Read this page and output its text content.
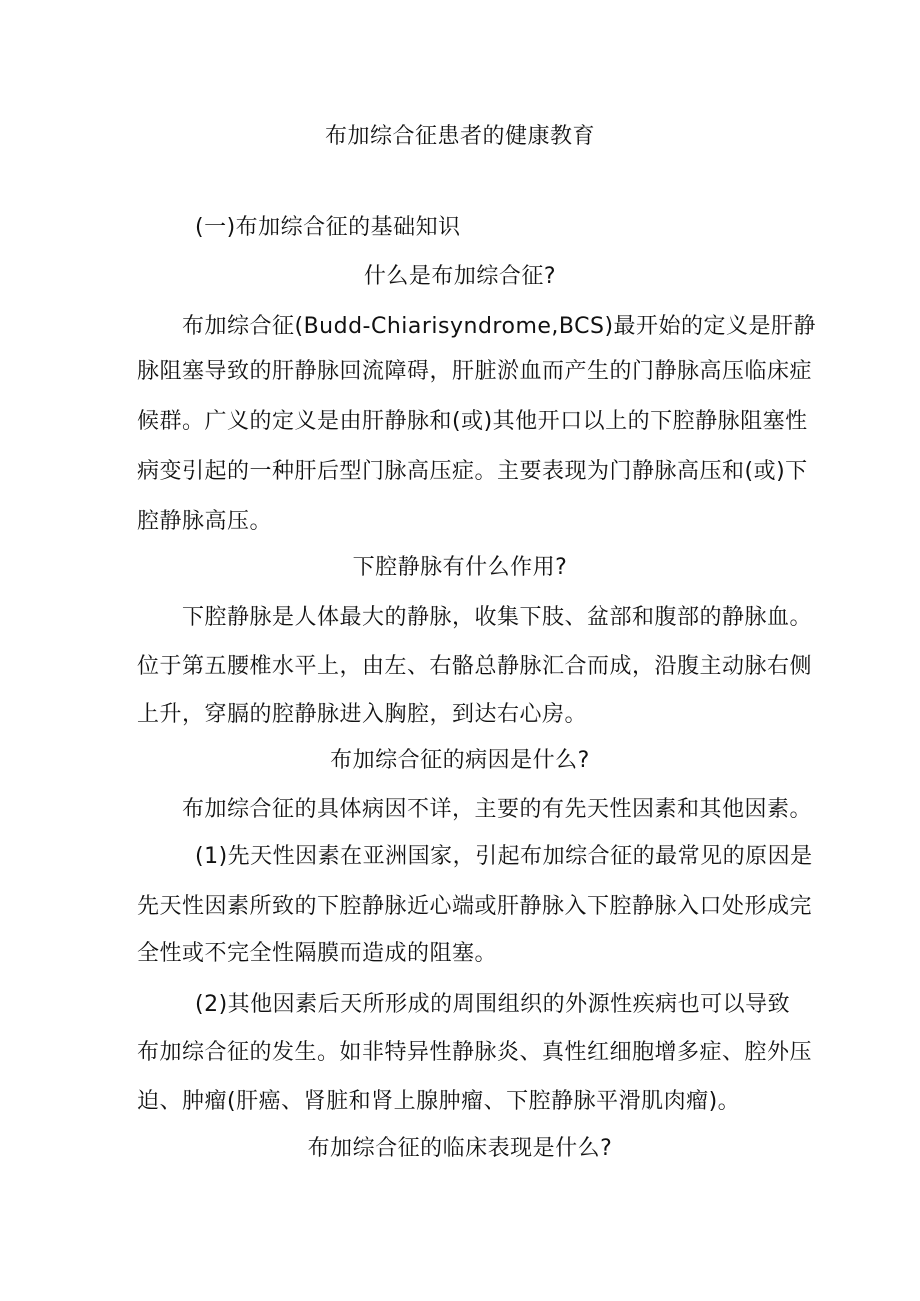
布加综合征患者的健康教育
(一)布加综合征的基础知识
什么是布加综合征?
布加综合征(Budd-Chiarisyndrome,BCS)最开始的定义是肝静
脉阻塞导致的肝静脉回流障碍，肝脏淤血而产生的门静脉高压临床症
候群。广义的定义是由肝静脉和(或)其他开口以上的下腔静脉阻塞性
病变引起的一种肝后型门脉高压症。主要表现为门静脉高压和(或)下
腔静脉高压。
下腔静脉有什么作用?
下腔静脉是人体最大的静脉，收集下肢、盆部和腹部的静脉血。
位于第五腰椎水平上，由左、右骼总静脉汇合而成，沿腹主动脉右侧
上升，穿膈的腔静脉进入胸腔，到达右心房。
布加综合征的病因是什么?
布加综合征的具体病因不详，主要的有先天性因素和其他因素。
(1)先天性因素在亚洲国家，引起布加综合征的最常见的原因是
先天性因素所致的下腔静脉近心端或肝静脉入下腔静脉入口处形成完
全性或不完全性隔膜而造成的阻塞。
(2)其他因素后天所形成的周围组织的外源性疾病也可以导致
布加综合征的发生。如非特异性静脉炎、真性红细胞增多症、腔外压
迫、肿瘤(肝癌、肾脏和肾上腺肿瘤、下腔静脉平滑肌肉瘤)。
布加综合征的临床表现是什么?
